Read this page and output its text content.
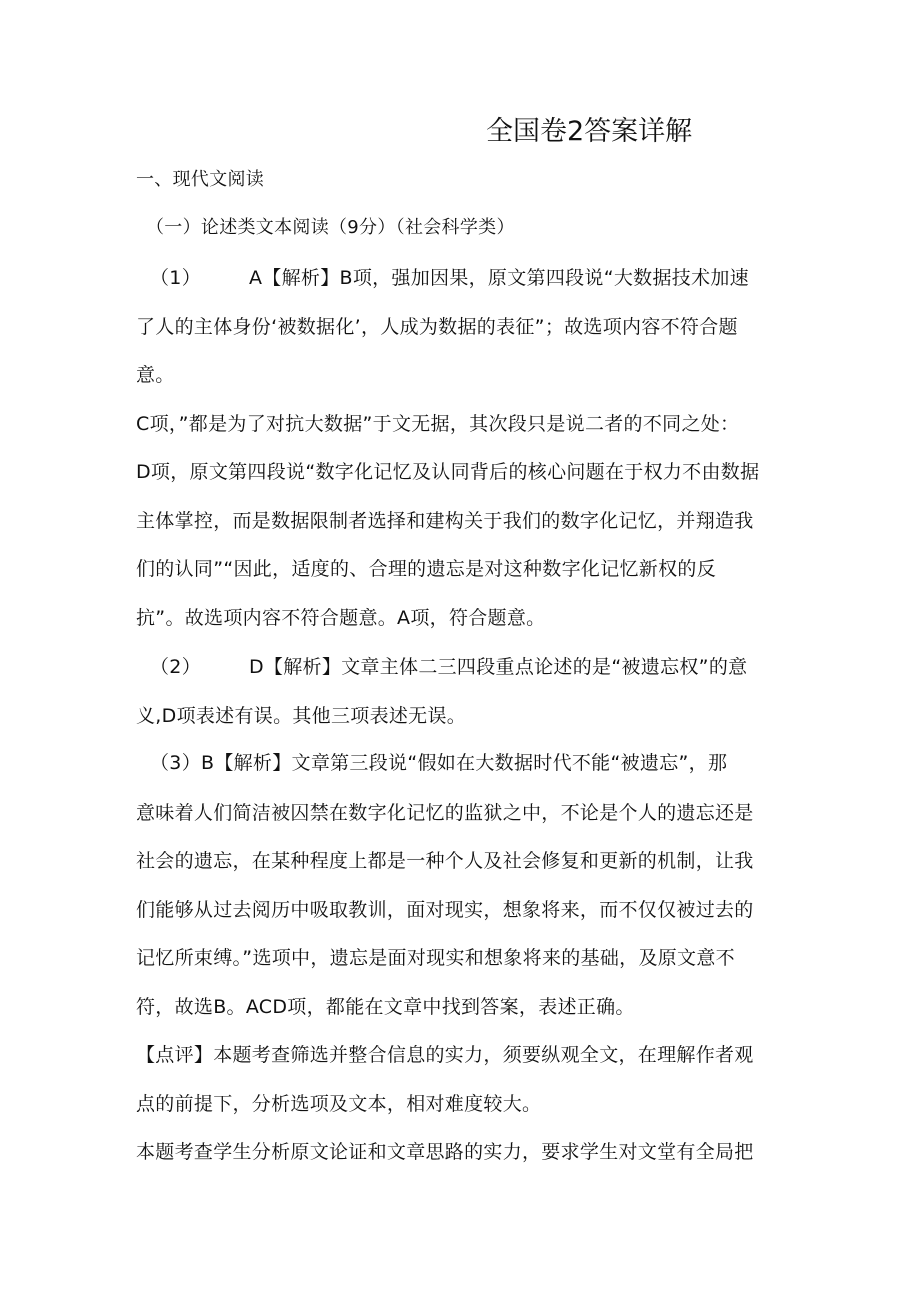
全国卷2答案详解
一、现代文阅读
（一）论述类文本阅读（9分）（社会科学类）
（1）	A【解析】B项，强加因果，原文第四段说“大数据技术加速
了人的主体身份‘被数据化’，人成为数据的表征”；故选项内容不符合题
意。
C项，”都是为了对抗大数据”于文无据，其次段只是说二者的不同之处：
D项，原文第四段说“数字化记忆及认同背后的核心问题在于权力不由数据
主体掌控，而是数据限制者选择和建构关于我们的数字化记忆，并翔造我
们的认同”“因此，适度的、合理的遗忘是对这种数字化记忆新权的反
抗”。故选项内容不符合题意。A项，符合题意。
（2）	D【解析】文章主体二三四段重点论述的是“被遗忘权”的意
义,D项表述有误。其他三项表述无误。
（3）B【解析】文章第三段说“假如在大数据时代不能“被遗忘”，那
意味着人们简洁被囚禁在数字化记忆的监狱之中，不论是个人的遗忘还是
社会的遗忘，在某种程度上都是一种个人及社会修复和更新的机制，让我
们能够从过去阅历中吸取教训，面对现实，想象将来，而不仅仅被过去的
记忆所束缚。”选项中，遗忘是面对现实和想象将来的基础，及原文意不
符，故选B。ACD项，都能在文章中找到答案，表述正确。
【点评】本题考查筛选并整合信息的实力，须要纵观全文，在理解作者观
点的前提下，分析选项及文本，相对难度较大。
本题考查学生分析原文论证和文章思路的实力，要求学生对文堂有全局把
